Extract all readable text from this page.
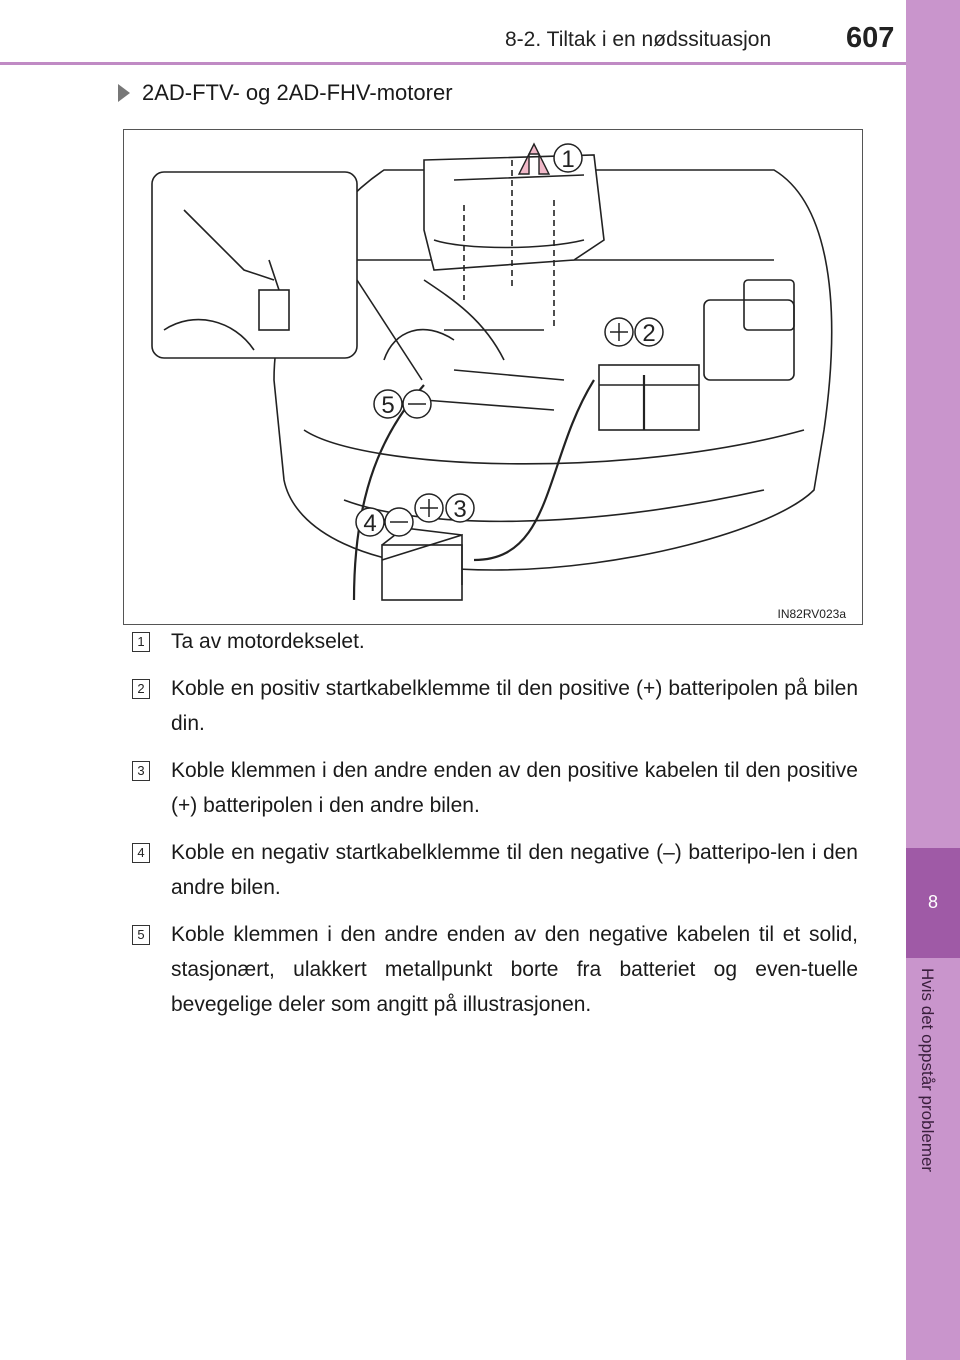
8-2. Tiltak i en nødssituasjon	607
8
Hvis det oppstår problemer
2AD-FTV- og 2AD-FHV-motorer
1
2
3
4
5
IN82RV023a
1 Ta av motordekselet.
2 Koble en positiv startkabelklemme til den positive (+) batteripolen på bilen din.
3 Koble klemmen i den andre enden av den positive kabelen til den positive (+) batteripolen i den andre bilen.
4 Koble en negativ startkabelklemme til den negative (–) batteripo-len i den andre bilen.
5 Koble klemmen i den andre enden av den negative kabelen til et solid, stasjonært, ulakkert metallpunkt borte fra batteriet og even-tuelle bevegelige deler som angitt på illustrasjonen.
